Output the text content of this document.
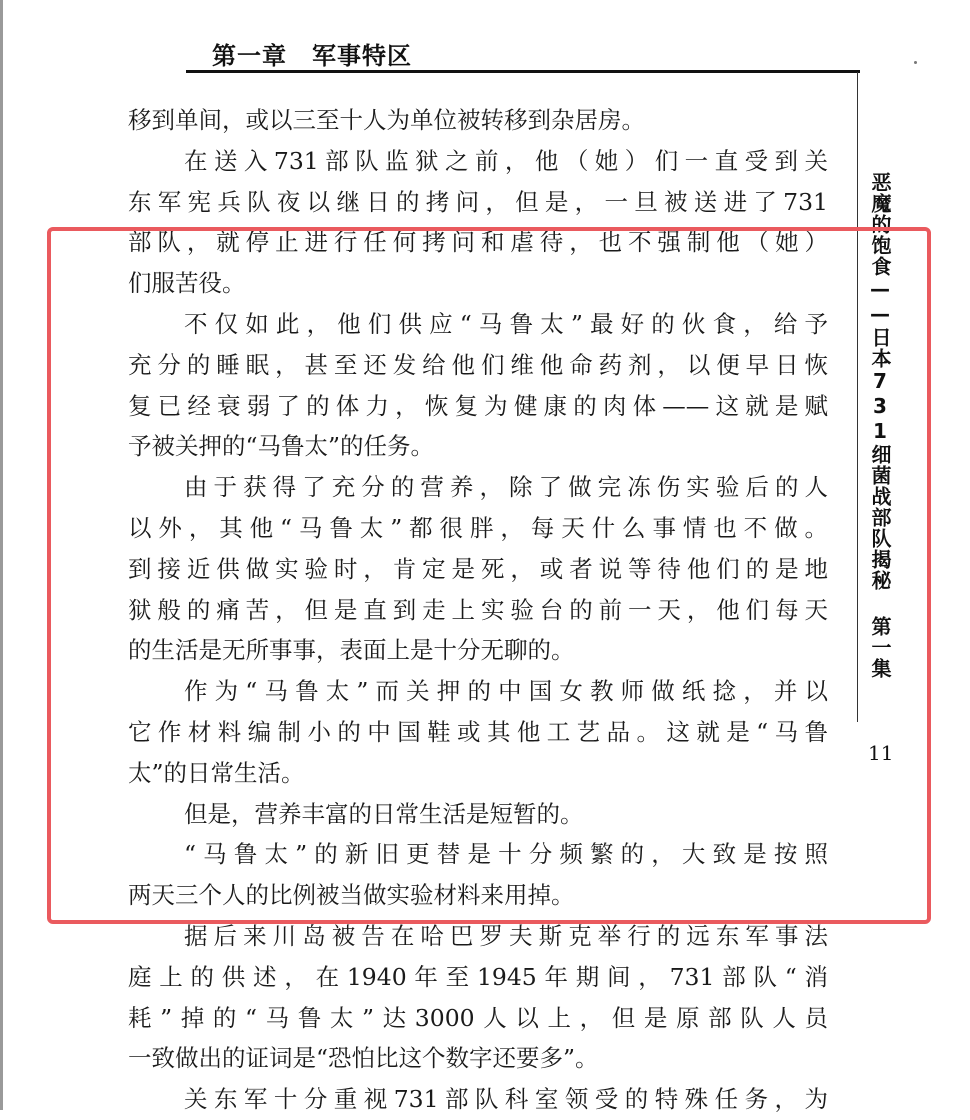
第一章　军事特区
恶魔的饱食——日本731细菌战部队揭秘 第一集
11
移到单间，或以三至十人为单位被转移到杂居房。
在送入731部队监狱之前，他（她）们一直受到关
东军宪兵队夜以继日的拷问，但是，一旦被送进了731
部队，就停止进行任何拷问和虐待，也不强制他（她）
们服苦役。
不仅如此，他们供应“马鲁太”最好的伙食，给予
充分的睡眠，甚至还发给他们维他命药剂，以便早日恢
复已经衰弱了的体力，恢复为健康的肉体——这就是赋
予被关押的“马鲁太”的任务。
由于获得了充分的营养，除了做完冻伤实验后的人
以外，其他“马鲁太”都很胖，每天什么事情也不做。
到接近供做实验时，肯定是死，或者说等待他们的是地
狱般的痛苦，但是直到走上实验台的前一天，他们每天
的生活是无所事事，表面上是十分无聊的。
作为“马鲁太”而关押的中国女教师做纸捻，并以
它作材料编制小的中国鞋或其他工艺品。这就是“马鲁
太”的日常生活。
但是，营养丰富的日常生活是短暂的。
“马鲁太”的新旧更替是十分频繁的，大致是按照
两天三个人的比例被当做实验材料来用掉。
据后来川岛被告在哈巴罗夫斯克举行的远东军事法
庭上的供述，在1940年至1945年期间，731部队“消
耗”掉的“马鲁太”达3000人以上，但是原部队人员
一致做出的证词是“恐怕比这个数字还要多”。
关东军十分重视731部队科室领受的特殊任务，为
